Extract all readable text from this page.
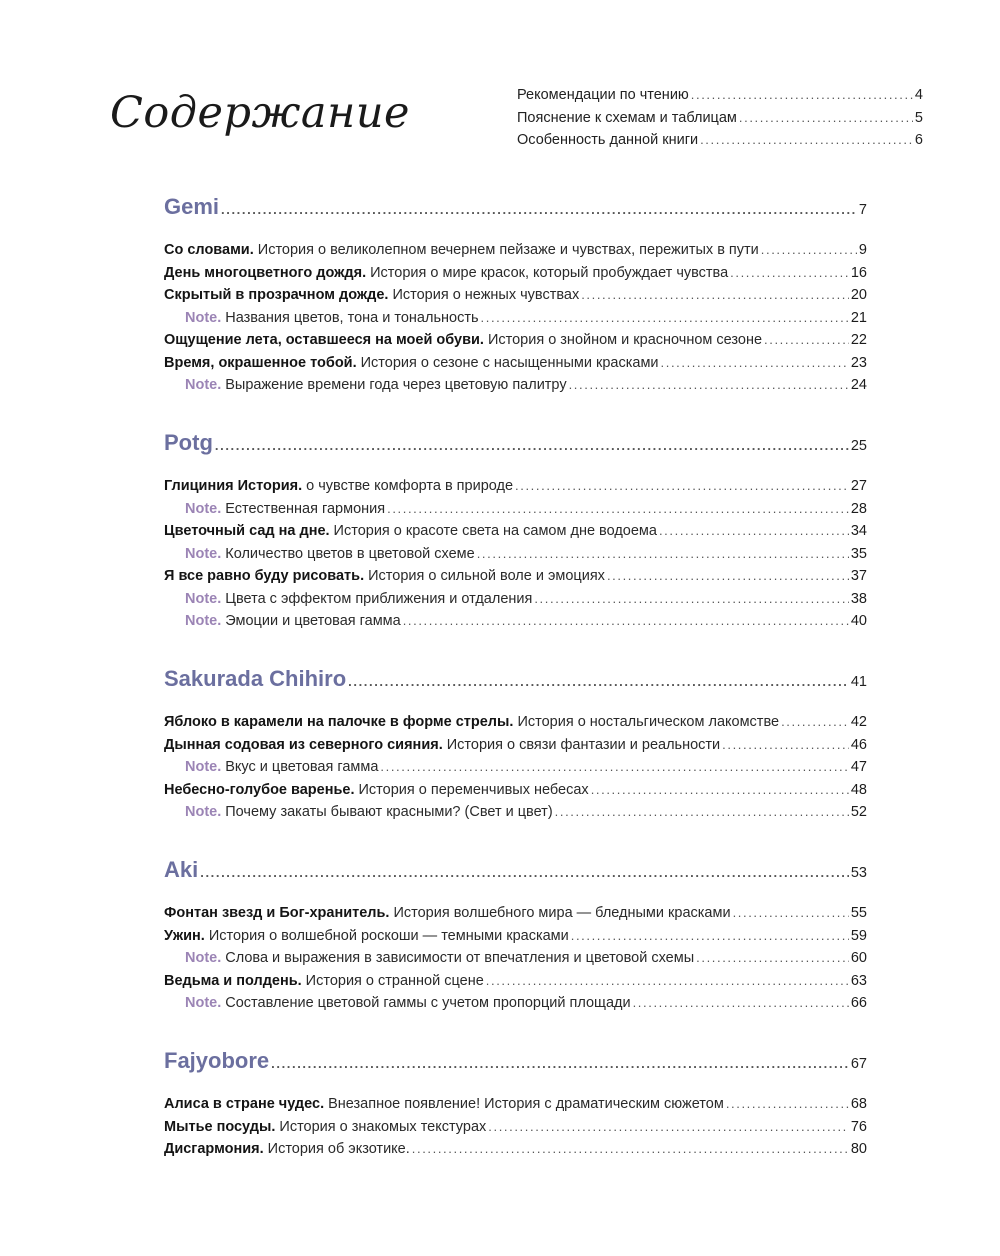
Содержание	Рекомендации по чтению .....	4
Пояснение к схемам и таблицам .....	5
Особенность данной книги .....	6
Gemi .....	7
Со словами. История о великолепном вечернем пейзаже и чувствах, пережитых в пути .....	9
День многоцветного дождя. История о мире красок, который пробуждает чувства .....	16
Скрытый в прозрачном дожде. История о нежных чувствах .....	20
Note. Названия цветов, тона и тональность .....	21
Ощущение лета, оставшееся на моей обуви. История о знойном и красночном сезоне .....	22
Время, окрашенное тобой. История о сезоне с насыщенными красками .....	23
Note. Выражение времени года через цветовую палитру .....	24
Potg .....	25
Глициния История. о чувстве комфорта в природе .....	27
Note. Естественная гармония .....	28
Цветочный сад на дне. История о красоте света на самом дне водоема .....	34
Note. Количество цветов в цветовой схеме .....	35
Я все равно буду рисовать. История о сильной воле и эмоциях .....	37
Note. Цвета с эффектом приближения и отдаления .....	38
Note. Эмоции и цветовая гамма .....	40
Sakurada Chihiro .....	41
Яблоко в карамели на палочке в форме стрелы. История о ностальгическом лакомстве .....	42
Дынная содовая из северного сияния. История о связи фантазии и реальности .....	46
Note. Вкус и цветовая гамма .....	47
Небесно-голубое варенье. История о переменчивых небесах .....	48
Note. Почему закаты бывают красными? (Свет и цвет) .....	52
Aki .....	53
Фонтан звезд и Бог-хранитель. История волшебного мира — бледными красками .....	55
Ужин. История о волшебной роскоши — темными красками .....	59
Note. Слова и выражения в зависимости от впечатления и цветовой схемы .....	60
Ведьма и полдень. История о странной сцене .....	63
Note. Составление цветовой гаммы с учетом пропорций площади .....	66
Fajyobore .....	67
Алиса в стране чудес. Внезапное появление! История с драматическим сюжетом .....	68
Мытье посуды. История о знакомых текстурах .....	76
Дисгармония. История об экзотике. .....	80
